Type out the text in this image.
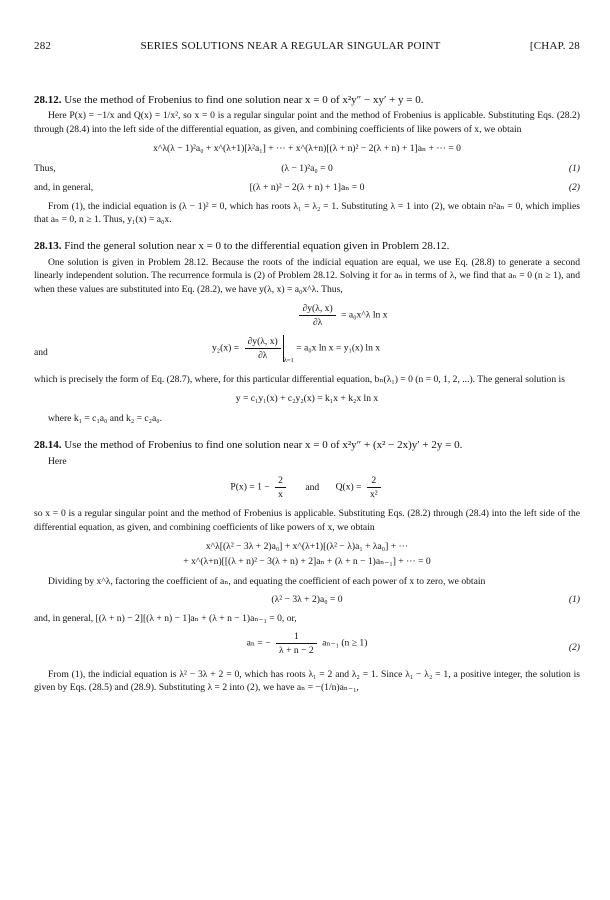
282	SERIES SOLUTIONS NEAR A REGULAR SINGULAR POINT	[CHAP. 28
28.12. Use the method of Frobenius to find one solution near x = 0 of x²y″ − xy′ + y = 0.

Here P(x) = −1/x and Q(x) = 1/x², so x = 0 is a regular singular point and the method of Frobenius is applicable. Substituting Eqs. (28.2) through (28.4) into the left side of the differential equation, as given, and combining coefficients of like powers of x, we obtain

x^λ(λ − 1)²a₀ + x^(λ+1)[λ²a₁] + ··· + x^(λ+n)[(λ + n)² − 2(λ + n) + 1]aₙ + ··· = 0
Thus,	(λ − 1)²a₀ = 0	(1)
and, in general,	[(λ + n)² − 2(λ + n) + 1]aₙ = 0	(2)

From (1), the indicial equation is (λ − 1)² = 0, which has roots λ₁ = λ₂ = 1. Substituting λ = 1 into (2), we obtain n²aₙ = 0, which implies that aₙ = 0, n ≥ 1. Thus, y₁(x) = a₀x.

28.13. Find the general solution near x = 0 to the differential equation given in Problem 28.12.

One solution is given in Problem 28.12. Because the roots of the indicial equation are equal, we use Eq. (28.8) to generate a second linearly independent solution. The recurrence formula is (2) of Problem 28.12. Solving it for aₙ in terms of λ, we find that aₙ = 0 (n ≥ 1), and when these values are substituted into Eq. (28.2), we have y(λ, x) = a₀x^λ. Thus,

$\frac{\partial y(\lambda, x)}{\partial\lambda}$ = a₀x^λ ln x
and	$y_2(x) = \frac{\partial y(\lambda, x)}{\partial\lambda} _{\lambda=1} = a_0x$ ln x = y₁(x) ln x

which is precisely the form of Eq. (28.7), where, for this particular differential equation, bₙ(λ₁) = 0 (n = 0, 1, 2, ...). The general solution is

y = c₁y₁(x) + c₂y₂(x) = k₁x + k₂x ln x

where k₁ = c₁a₀ and k₂ = c₂a₀.

28.14. Use the method of Frobenius to find one solution near x = 0 of x²y″ + (x² − 2x)y′ + 2y = 0.

Here

$P(x) = 1 - \frac{2}{x}$ and $Q(x) = \frac{2}{\text{x²}}$

so x = 0 is a regular singular point and the method of Frobenius is applicable. Substituting Eqs. (28.2) through (28.4) into the left side of the differential equation, as given, and combining coefficients of like powers of x, we obtain

x^λ[(λ² − 3λ + 2)a₀] + x^(λ+1)[(λ² − λ)a₁ + λa₀] + ···
+ x^(λ+n)[[(λ + n)² − 3(λ + n) + 2]aₙ + (λ + n − 1)aₙ₋₁] + ··· = 0

Dividing by x^λ, factoring the coefficient of aₙ, and equating the coefficient of each power of x to zero, we obtain

(λ² − 3λ + 2)a₀ = 0	(1)

and, in general, [(λ + n) − 2][(λ + n) − 1]aₙ + (λ + n − 1)aₙ₋₁ = 0, or,

aₙ = − $\frac{1}{\lambda + n - 2} a_{n-1}$ (n ≥ 1)	(2)

From (1), the indicial equation is λ² − 3λ + 2 = 0, which has roots λ₁ = 2 and λ₂ = 1. Since λ₁ − λ₂ = 1, a positive integer, the solution is given by Eqs. (28.5) and (28.9). Substituting λ = 2 into (2), we have aₙ = −(1/n)aₙ₋₁,
